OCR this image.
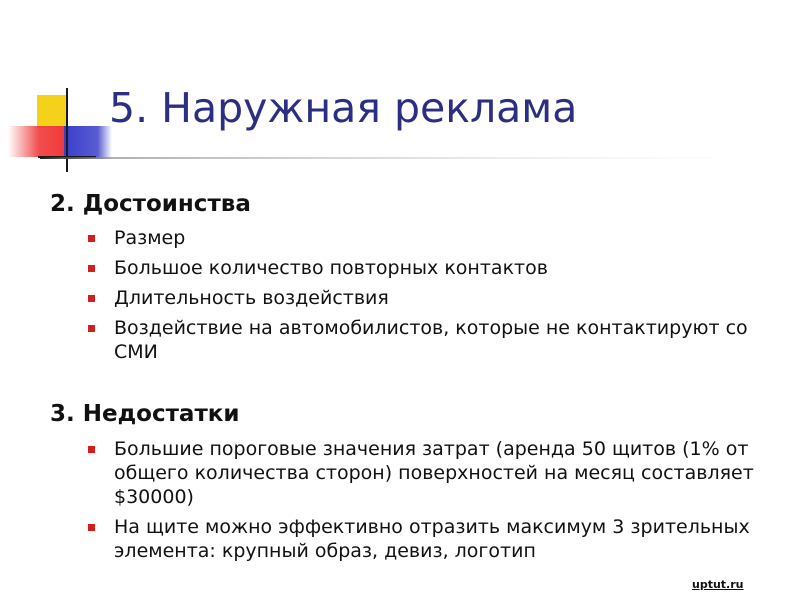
5. Наружная реклама
2. Достоинства
Размер
Большое количество повторных контактов
Длительность воздействия
Воздействие на автомобилистов, которые не контактируют со СМИ
3. Недостатки
Большие пороговые значения затрат (аренда 50 щитов (1% от общего количества сторон) поверхностей на месяц составляет $30000)
На щите можно эффективно отразить максимум 3 зрительных элемента: крупный образ, девиз, логотип
uptut.ru
